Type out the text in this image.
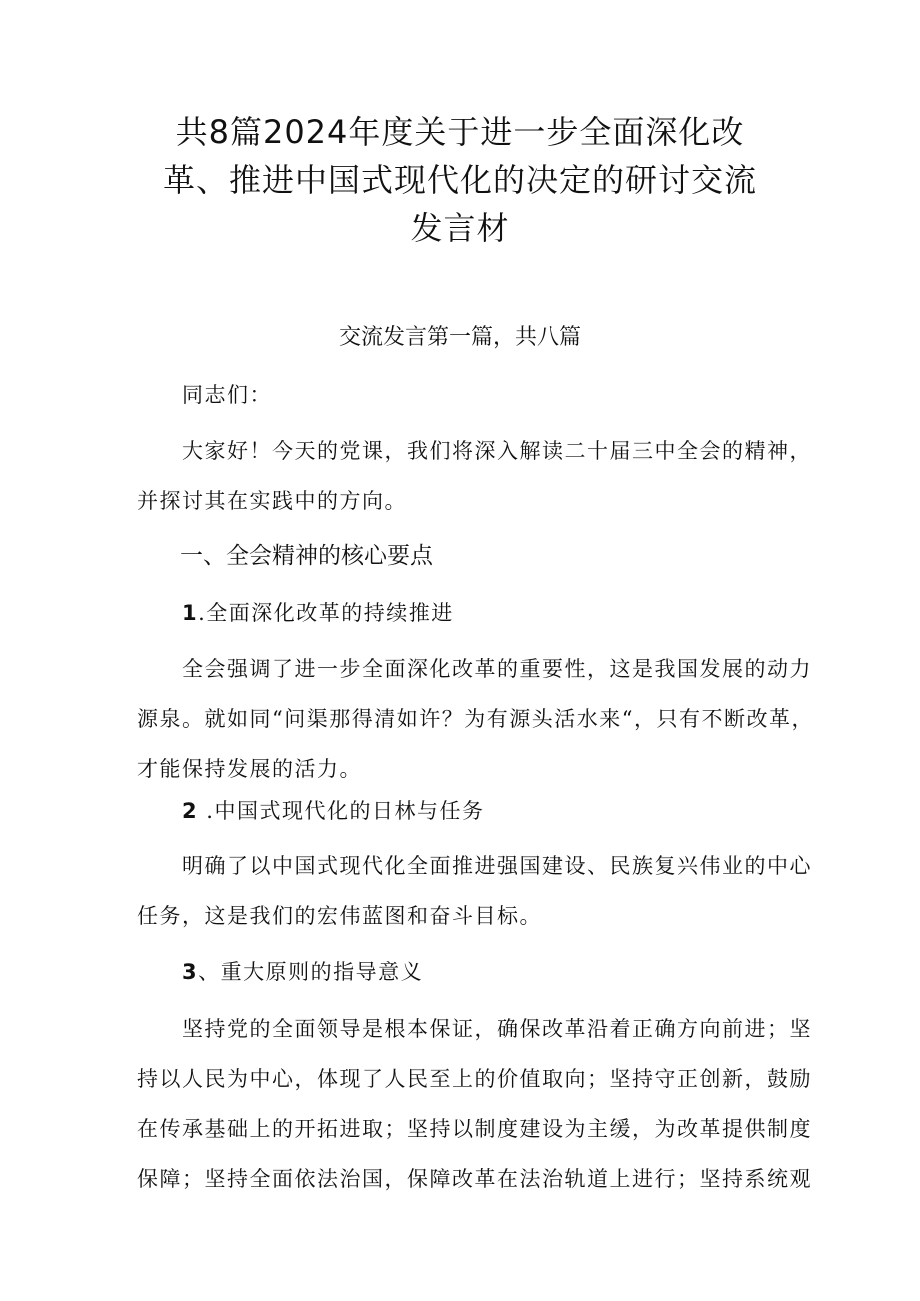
共8篇2024年度关于进一步全面深化改
革、推进中国式现代化的决定的研讨交流
发言材

交流发言第一篇，共八篇

同志们：

大家好！今天的党课，我们将深入解读二十届三中全会的精神，
并探讨其在实践中的方向。

一、全会精神的核心要点

1.全面深化改革的持续推进

全会强调了进一步全面深化改革的重要性，这是我国发展的动力
源泉。就如同“问渠那得清如许？为有源头活水来“，只有不断改革，
才能保持发展的活力。

2 .中国式现代化的日林与任务

明确了以中国式现代化全面推进强国建设、民族复兴伟业的中心
任务，这是我们的宏伟蓝图和奋斗目标。

3、重大原则的指导意义

坚持党的全面领导是根本保证，确保改革沿着正确方向前进；坚
持以人民为中心，体现了人民至上的价值取向；坚持守正创新，鼓励
在传承基础上的开拓进取；坚持以制度建设为主缓，为改革提供制度
保障；坚持全面依法治国，保障改革在法治轨道上进行；坚持系统观
